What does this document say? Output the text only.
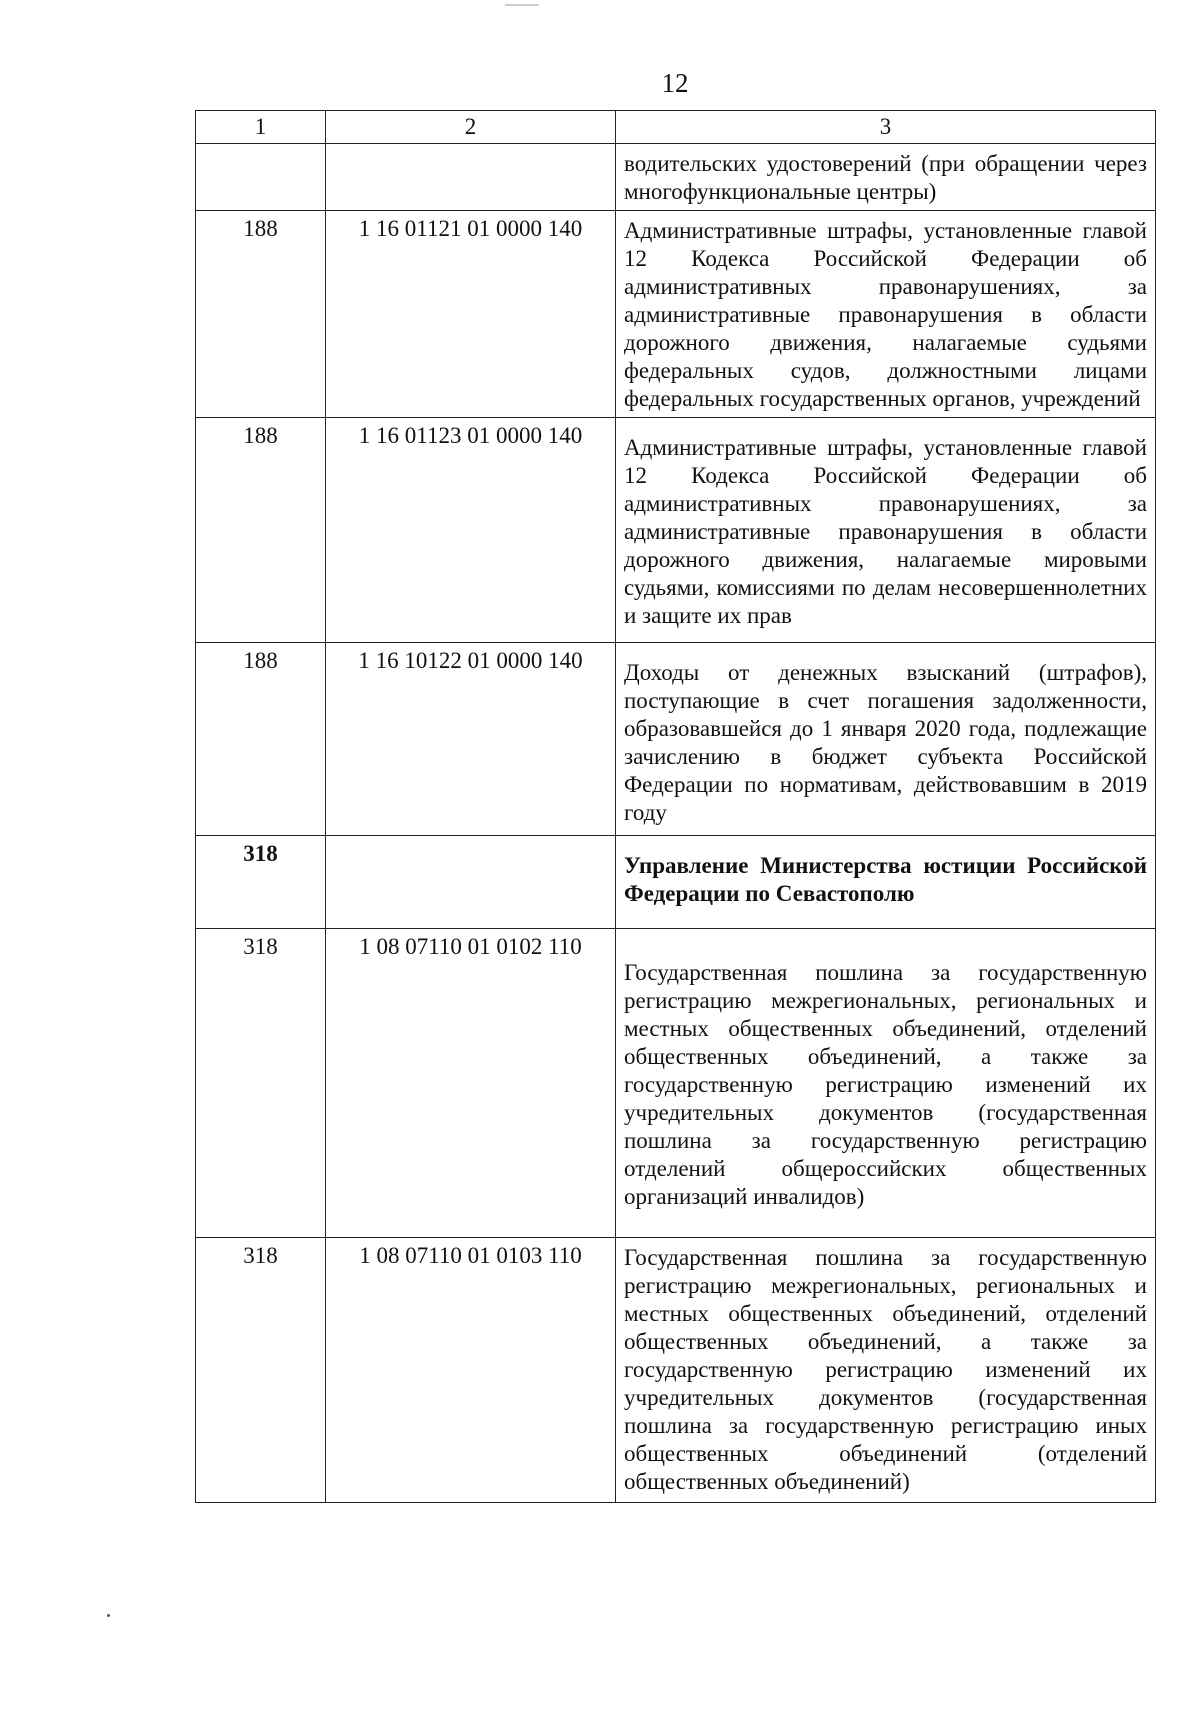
12
1	2	3
		водительских удостоверений (при обращении через многофункциональные центры)
188	1 16 01121 01 0000 140	Административные штрафы, установленные главой 12 Кодекса Российской Федерации об административных правонарушениях, за административные правонарушения в области дорожного движения, налагаемые судьями федеральных судов, должностными лицами федеральных государственных органов, учреждений
188	1 16 01123 01 0000 140	Административные штрафы, установленные главой 12 Кодекса Российской Федерации об административных правонарушениях, за административные правонарушения в области дорожного движения, налагаемые мировыми судьями, комиссиями по делам несовершеннолетних и защите их прав
188	1 16 10122 01 0000 140	Доходы от денежных взысканий (штрафов), поступающие в счет погашения задолженности, образовавшейся до 1 января 2020 года, подлежащие зачислению в бюджет субъекта Российской Федерации по нормативам, действовавшим в 2019 году
318		Управление Министерства юстиции Российской Федерации по Севастополю
318	1 08 07110 01 0102 110	Государственная пошлина за государственную регистрацию межрегиональных, региональных и местных общественных объединений, отделений общественных объединений, а также за государственную регистрацию изменений их учредительных документов (государственная пошлина за государственную регистрацию отделений общероссийских общественных организаций инвалидов)
318	1 08 07110 01 0103 110	Государственная пошлина за государственную регистрацию межрегиональных, региональных и местных общественных объединений, отделений общественных объединений, а также за государственную регистрацию изменений их учредительных документов (государственная пошлина за государственную регистрацию иных общественных объединений (отделений общественных объединений)
